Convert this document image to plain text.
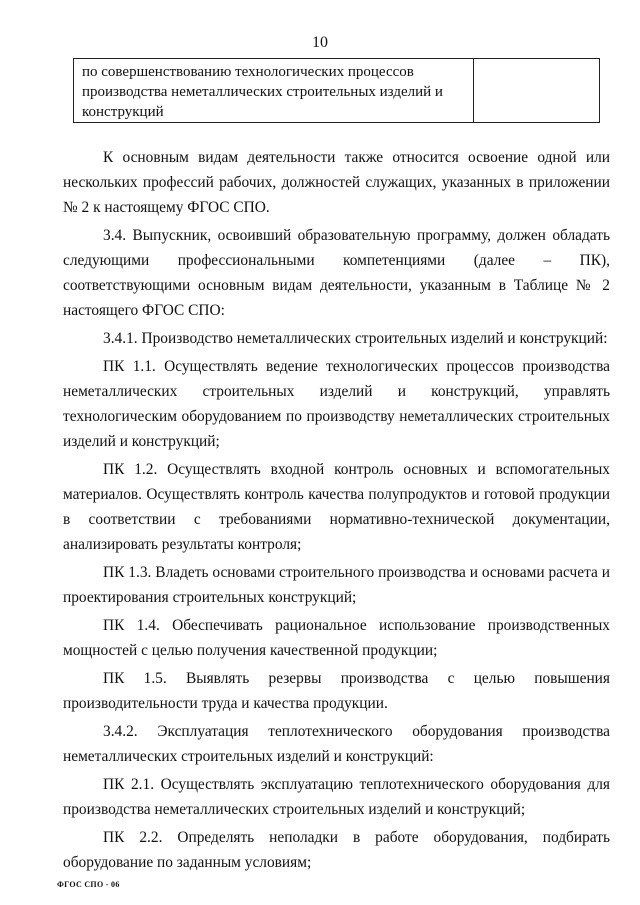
10
по совершенствованию технологических процессов производства неметаллических строительных изделий и конструкций

К основным видам деятельности также относится освоение одной или нескольких профессий рабочих, должностей служащих, указанных в приложении № 2 к настоящему ФГОС СПО.

3.4. Выпускник, освоивший образовательную программу, должен обладать следующими профессиональными компетенциями (далее – ПК), соответствующими основным видам деятельности, указанным в Таблице № 2 настоящего ФГОС СПО:

3.4.1. Производство неметаллических строительных изделий и конструкций:

ПК 1.1. Осуществлять ведение технологических процессов производства неметаллических строительных изделий и конструкций, управлять технологическим оборудованием по производству неметаллических строительных изделий и конструкций;

ПК 1.2. Осуществлять входной контроль основных и вспомогательных материалов. Осуществлять контроль качества полупродуктов и готовой продукции в соответствии с требованиями нормативно-технической документации, анализировать результаты контроля;

ПК 1.3. Владеть основами строительного производства и основами расчета и проектирования строительных конструкций;

ПК 1.4. Обеспечивать рациональное использование производственных мощностей с целью получения качественной продукции;

ПК 1.5. Выявлять резервы производства с целью повышения производительности труда и качества продукции.

3.4.2. Эксплуатация теплотехнического оборудования производства неметаллических строительных изделий и конструкций:

ПК 2.1. Осуществлять эксплуатацию теплотехнического оборудования для производства неметаллических строительных изделий и конструкций;

ПК 2.2. Определять неполадки в работе оборудования, подбирать оборудование по заданным условиям;

ФГОС СПО - 06
